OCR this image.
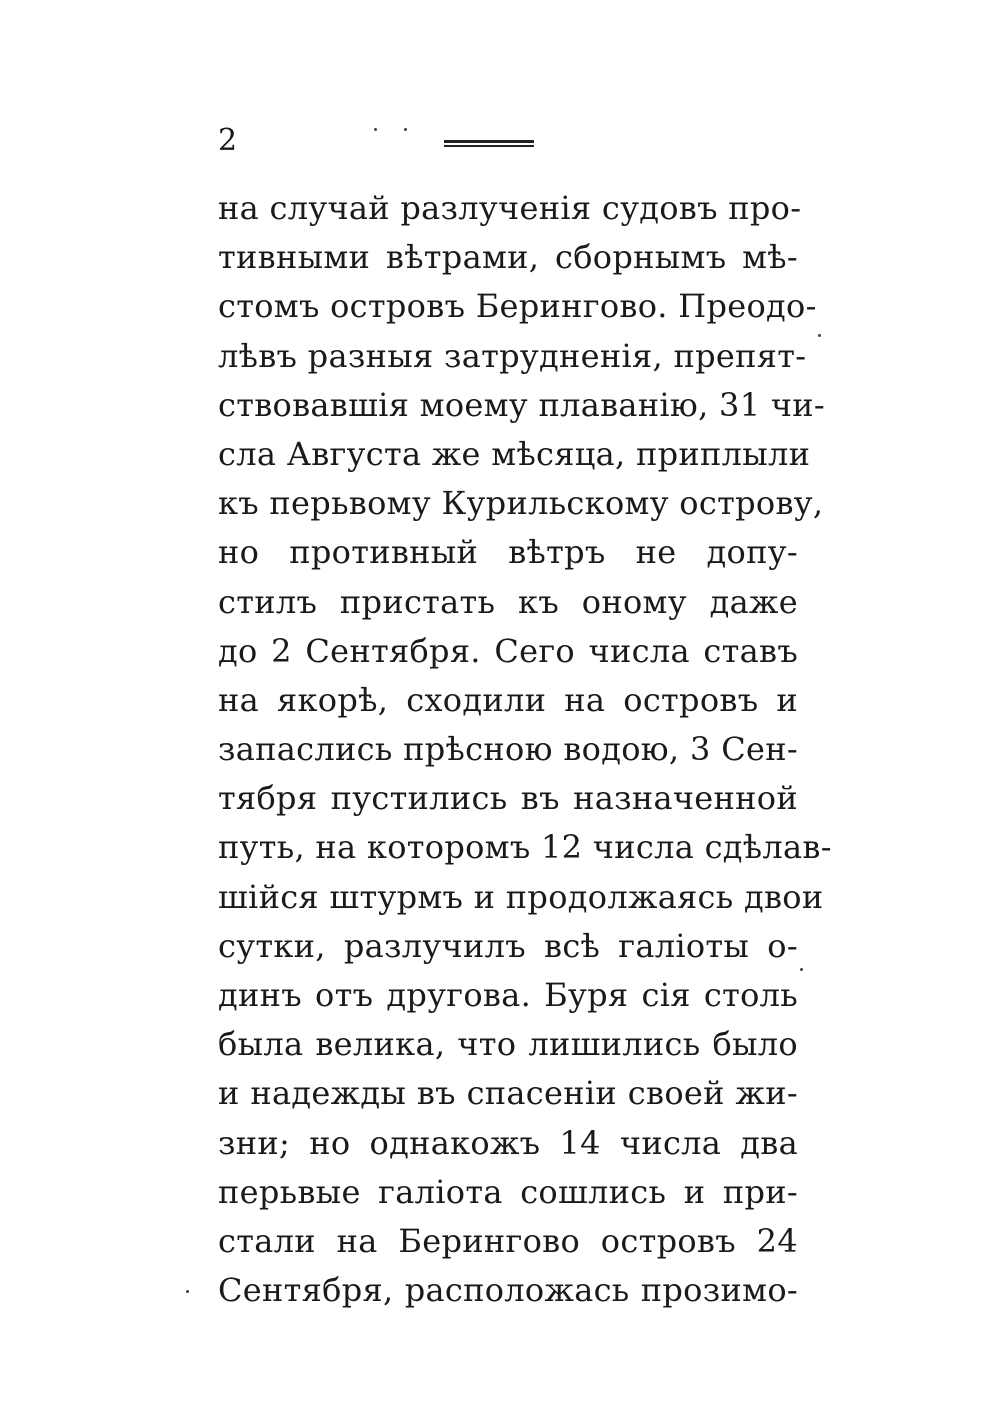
2
на случай разлученія судовъ про-
тивными вѣтрами, сборнымъ мѣ-
стомъ островъ Берингово. Преодо-
лѣвъ разныя затрудненія, препят-
ствовавшія моему плаванію, 31 чи-
сла Августа же мѣсяца, приплыли
къ перьвому Курильскому острову,
но противный вѣтръ не допу-
стилъ пристать къ оному даже
до 2 Сентября. Сего числа ставъ
на якорѣ, сходили на островъ и
запаслись прѣсною водою, 3 Сен-
тября пустились въ назначенной
путь, на которомъ 12 числа сдѣлав-
шійся штурмъ и продолжаясь двои
сутки, разлучилъ всѣ галіоты о-
динъ отъ другова. Буря сія столь
была велика, что лишились было
и надежды въ спасеніи своей жи-
зни; но однакожъ 14 числа два
перьвые галіота сошлись и при-
стали на Берингово островъ 24
Сентября, расположась прозимо-
